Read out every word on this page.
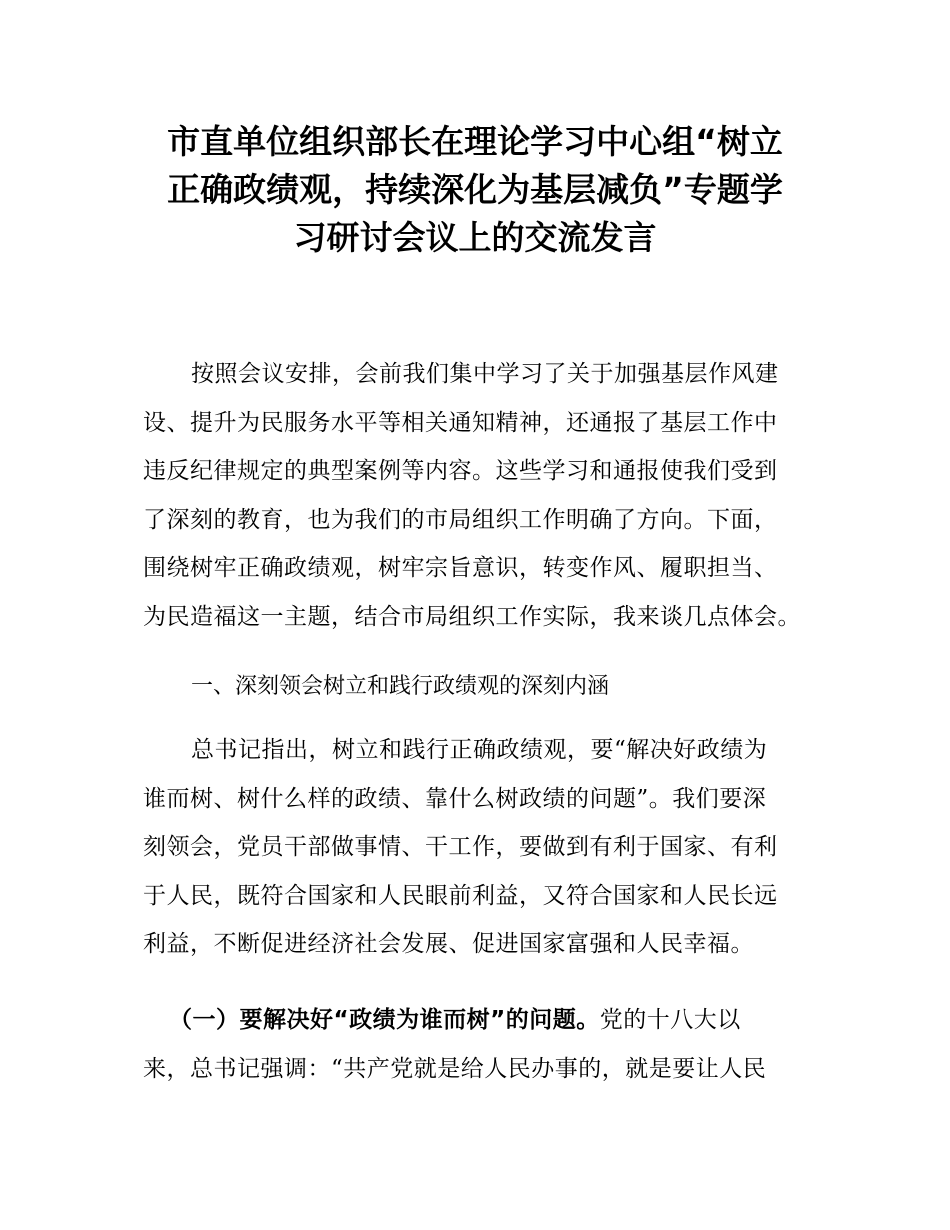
市直单位组织部长在理论学习中心组“树立
正确政绩观，持续深化为基层减负”专题学
习研讨会议上的交流发言

按照会议安排，会前我们集中学习了关于加强基层作风建
设、提升为民服务水平等相关通知精神，还通报了基层工作中
违反纪律规定的典型案例等内容。这些学习和通报使我们受到
了深刻的教育，也为我们的市局组织工作明确了方向。下面，
围绕树牢正确政绩观，树牢宗旨意识，转变作风、履职担当、
为民造福这一主题，结合市局组织工作实际，我来谈几点体会。

一、深刻领会树立和践行政绩观的深刻内涵

总书记指出，树立和践行正确政绩观，要“解决好政绩为
谁而树、树什么样的政绩、靠什么树政绩的问题”。我们要深
刻领会，党员干部做事情、干工作，要做到有利于国家、有利
于人民，既符合国家和人民眼前利益，又符合国家和人民长远
利益，不断促进经济社会发展、促进国家富强和人民幸福。

（一）要解决好“政绩为谁而树”的问题。党的十八大以
来，总书记强调：“共产党就是给人民办事的，就是要让人民
